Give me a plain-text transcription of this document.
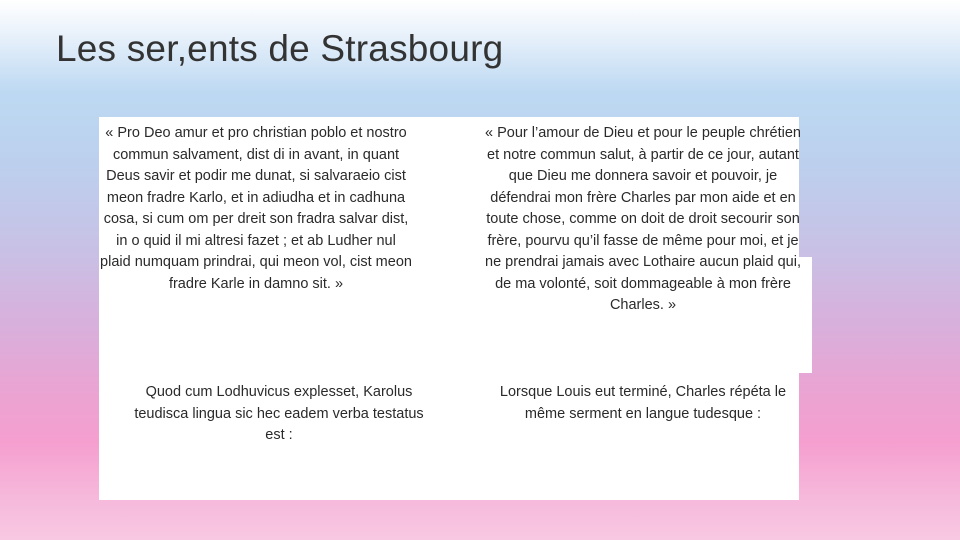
Les ser,ents de Strasbourg
« Pro Deo amur et pro christian poblo et nostro commun salvament, dist di in avant, in quant Deus savir et podir me dunat, si salvaraeio cist meon fradre Karlo, et in adiudha et in cadhuna cosa, si cum om per dreit son fradra salvar dist, in o quid il mi altresi fazet ; et ab Ludher nul plaid numquam prindrai, qui meon vol, cist meon fradre Karle in damno sit. »
« Pour l’amour de Dieu et pour le peuple chrétien et notre commun salut, à partir de ce jour, autant que Dieu me donnera savoir et pouvoir, je défendrai mon frère Charles par mon aide et en toute chose, comme on doit de droit secourir son frère, pourvu qu’il fasse de même pour moi, et je ne prendrai jamais avec Lothaire aucun plaid qui, de ma volonté, soit dommageable à mon frère Charles. »
Quod cum Lodhuvicus explesset, Karolus teudisca lingua sic hec eadem verba testatus est :
Lorsque Louis eut terminé, Charles répéta le même serment en langue tudesque :
